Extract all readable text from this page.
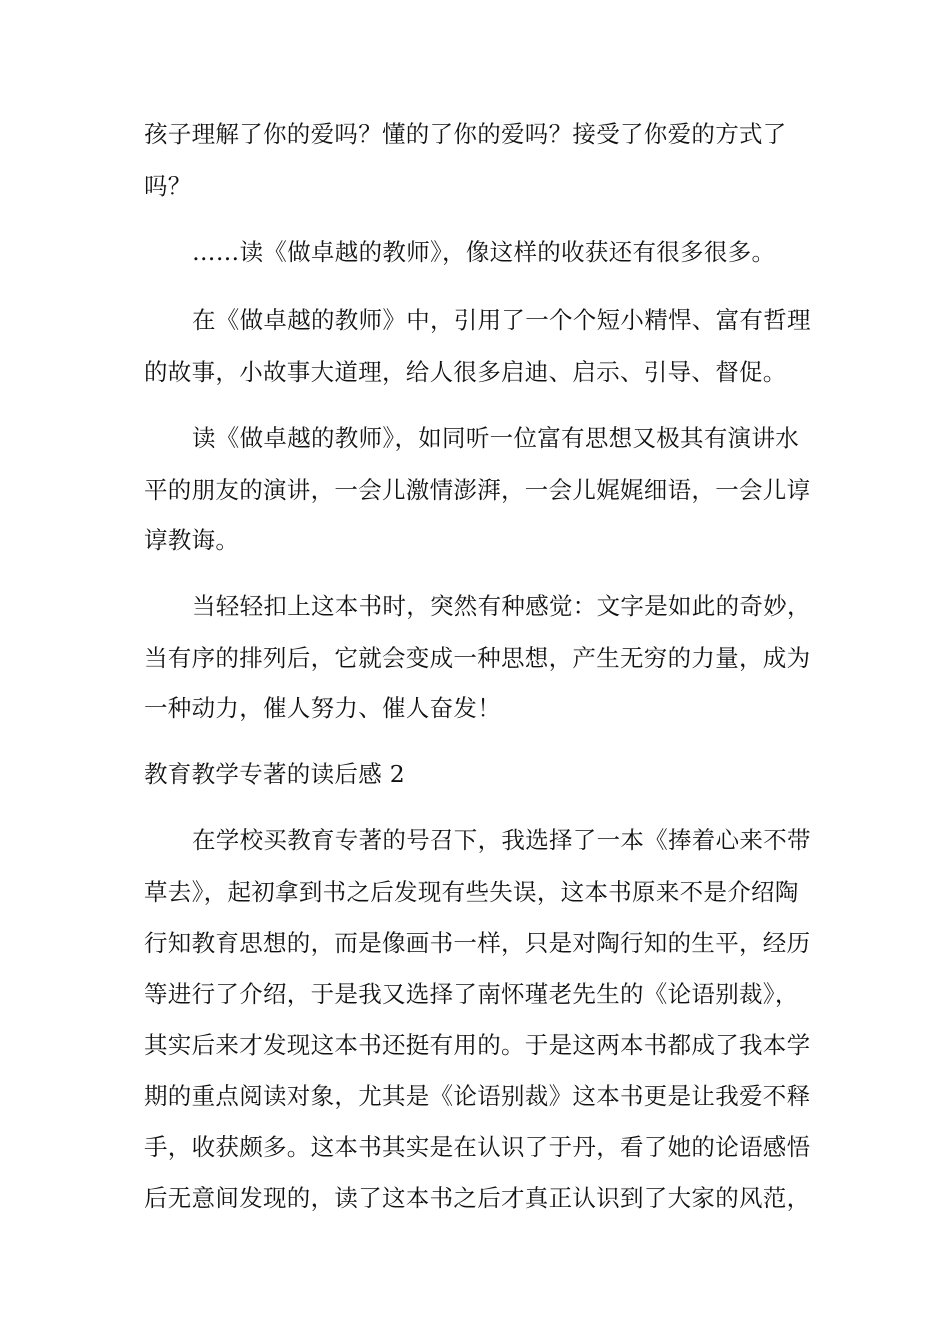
孩子理解了你的爱吗？懂的了你的爱吗？接受了你爱的方式了
吗？
……读《做卓越的教师》，像这样的收获还有很多很多。
在《做卓越的教师》中，引用了一个个短小精悍、富有哲理
的故事，小故事大道理，给人很多启迪、启示、引导、督促。
读《做卓越的教师》，如同听一位富有思想又极其有演讲水
平的朋友的演讲，一会儿激情澎湃，一会儿娓娓细语，一会儿谆
谆教诲。
当轻轻扣上这本书时，突然有种感觉：文字是如此的奇妙，
当有序的排列后，它就会变成一种思想，产生无穷的力量，成为
一种动力，催人努力、催人奋发！
教育教学专著的读后感 2
在学校买教育专著的号召下，我选择了一本《捧着心来不带
草去》，起初拿到书之后发现有些失误，这本书原来不是介绍陶
行知教育思想的，而是像画书一样，只是对陶行知的生平，经历
等进行了介绍，于是我又选择了南怀瑾老先生的《论语别裁》，
其实后来才发现这本书还挺有用的。于是这两本书都成了我本学
期的重点阅读对象，尤其是《论语别裁》这本书更是让我爱不释
手，收获颇多。这本书其实是在认识了于丹，看了她的论语感悟
后无意间发现的，读了这本书之后才真正认识到了大家的风范，
